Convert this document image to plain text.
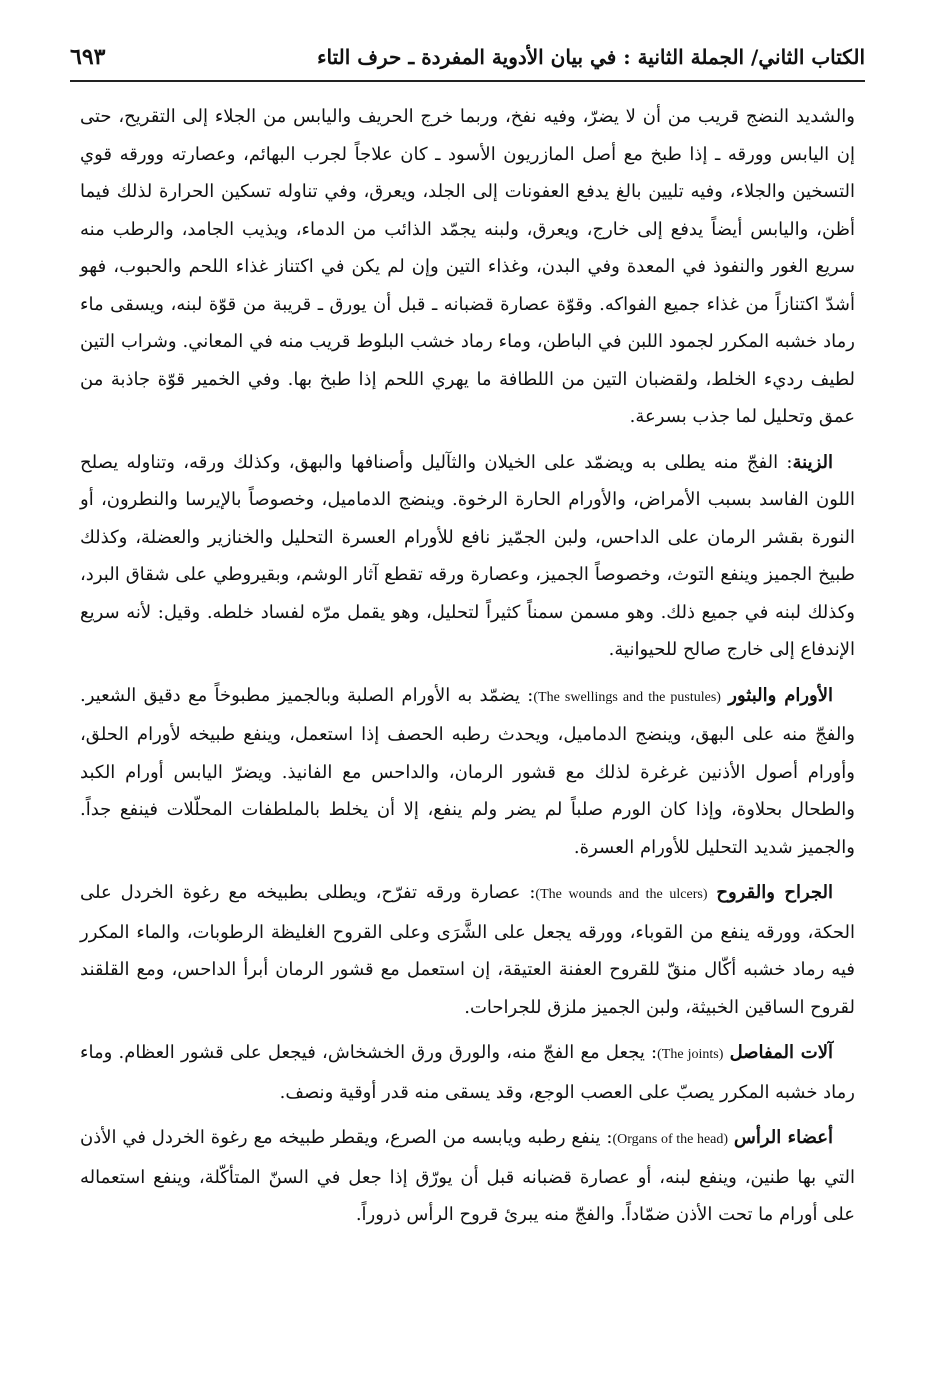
الكتاب الثاني/ الجملة الثانية : في بيان الأدوية المفردة ـ حرف التاء
٦٩٣

والشديد النضج قريب من أن لا يضرّ، وفيه نفخ، وربما خرج الحريف واليابس من الجلاء إلى التقريح، حتى إن اليابس وورقه ـ إذا طبخ مع أصل المازريون الأسود ـ كان علاجاً لجرب البهائم، وعصارته وورقه قوي التسخين والجلاء، وفيه تليين بالغ يدفع العفونات إلى الجلد، ويعرق، وفي تناوله تسكين الحرارة لذلك فيما أظن، واليابس أيضاً يدفع إلى خارج، ويعرق، ولبنه يجمّد الذائب من الدماء، ويذيب الجامد، والرطب منه سريع الغور والنفوذ في المعدة وفي البدن، وغذاء التين وإن لم يكن في اكتناز غذاء اللحم والحبوب، فهو أشدّ اكتنازاً من غذاء جميع الفواكه. وقوّة عصارة قضبانه ـ قبل أن يورق ـ قريبة من قوّة لبنه، ويسقى ماء رماد خشبه المكرر لجمود اللبن في الباطن، وماء رماد خشب البلوط قريب منه في المعاني. وشراب التين لطيف رديء الخلط، ولقضبان التين من اللطافة ما يهري اللحم إذا طبخ بها. وفي الخمير قوّة جاذبة من عمق وتحليل لما جذب بسرعة.

الزينة: الفجّ منه يطلى به ويضمّد على الخيلان والثآليل وأصنافها والبهق، وكذلك ورقه، وتناوله يصلح اللون الفاسد بسبب الأمراض، والأورام الحارة الرخوة. وينضج الدماميل، وخصوصاً بالإيرسا والنطرون، أو النورة بقشر الرمان على الداحس، ولبن الجمّيز نافع للأورام العسرة التحليل والخنازير والعضلة، وكذلك طبيخ الجميز وينفع التوث، وخصوصاً الجميز، وعصارة ورقه تقطع آثار الوشم، وبقيروطي على شقاق البرد، وكذلك لبنه في جميع ذلك. وهو مسمن سمناً كثيراً لتحليل، وهو يقمل مرّه لفساد خلطه. وقيل: لأنه سريع الإندفاع إلى خارج صالح للحيوانية.

الأورام والبثور (The swellings and the pustules): يضمّد به الأورام الصلبة وبالجميز مطبوخاً مع دقيق الشعير. والفجّ منه على البهق، وينضج الدماميل، ويحدث رطبه الحصف إذا استعمل، وينفع طبيخه لأورام الحلق، وأورام أصول الأذنين غرغرة لذلك مع قشور الرمان، والداحس مع الفانيذ. ويضرّ اليابس أورام الكبد والطحال بحلاوة، وإذا كان الورم صلباً لم يضر ولم ينفع، إلا أن يخلط بالملطفات المحلّلات فينفع جداً. والجميز شديد التحليل للأورام العسرة.

الجراح والقروح (The wounds and the ulcers): عصارة ورقه تفرّح، ويطلى بطبيخه مع رغوة الخردل على الحكة، وورقه ينفع من القوباء، وورقه يجعل على الشَّرَى وعلى القروح الغليظة الرطوبات، والماء المكرر فيه رماد خشبه أكّال منقّ للقروح العفنة العتيقة، إن استعمل مع قشور الرمان أبرأ الداحس، ومع القلقند لقروح الساقين الخبيثة، ولبن الجميز ملزق للجراحات.

آلات المفاصل (The joints): يجعل مع الفجّ منه، والورق ورق الخشخاش، فيجعل على قشور العظام. وماء رماد خشبه المكرر يصبّ على العصب الوجع، وقد يسقى منه قدر أوقية ونصف.

أعضاء الرأس (Organs of the head): ينفع رطبه ويابسه من الصرع، ويقطر طبيخه مع رغوة الخردل في الأذن التي بها طنين، وينفع لبنه، أو عصارة قضبانه قبل أن يورّق إذا جعل في السنّ المتأكّلة، وينفع استعماله على أورام ما تحت الأذن ضمّاداً. والفجّ منه يبرئ قروح الرأس ذروراً.
